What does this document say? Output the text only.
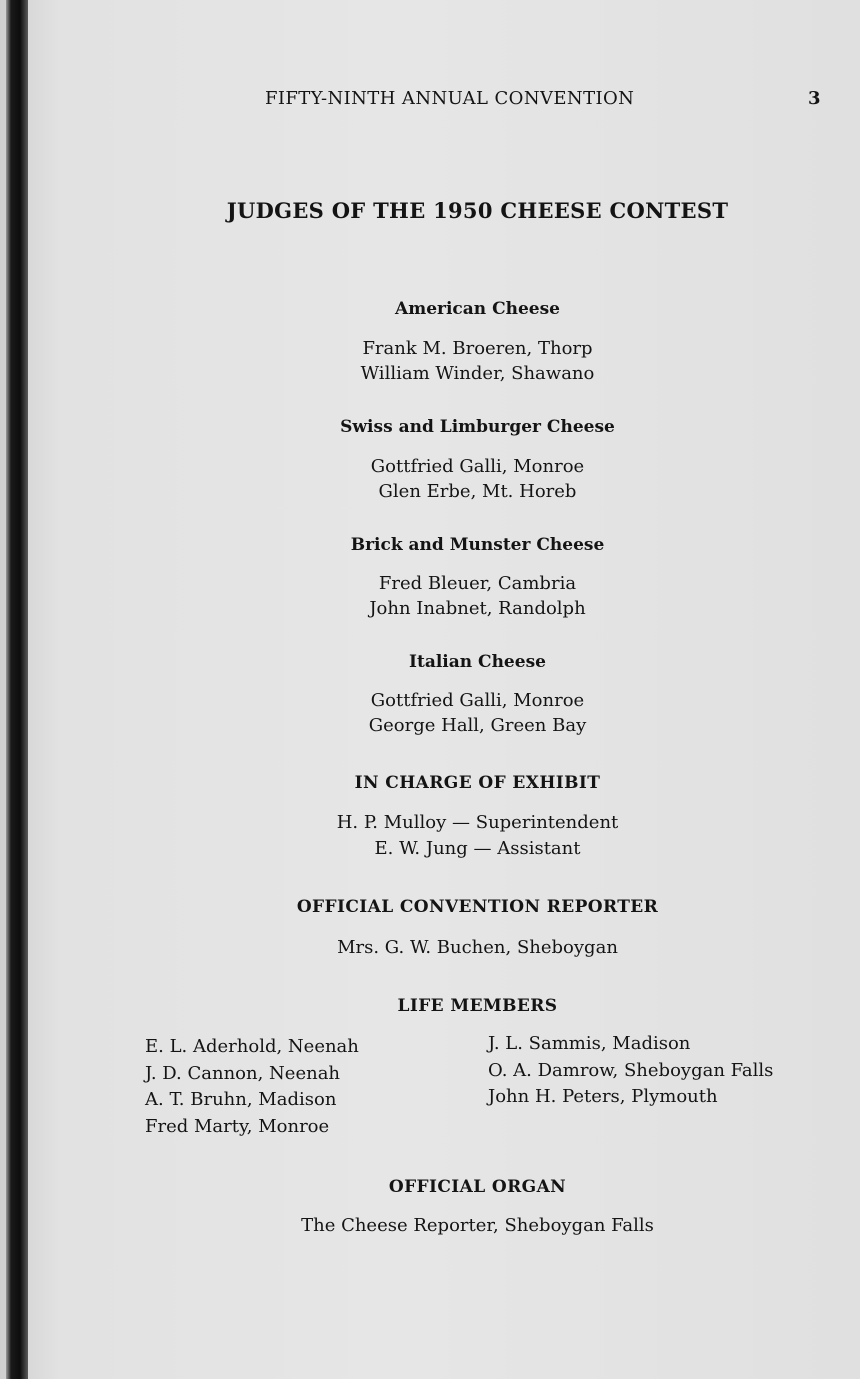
FIFTY-NINTH ANNUAL CONVENTION	3
JUDGES OF THE 1950 CHEESE CONTEST
American Cheese
Frank M. Broeren, Thorp
William Winder, Shawano
Swiss and Limburger Cheese
Gottfried Galli, Monroe
Glen Erbe, Mt. Horeb
Brick and Munster Cheese
Fred Bleuer, Cambria
John Inabnet, Randolph
Italian Cheese
Gottfried Galli, Monroe
George Hall, Green Bay
IN CHARGE OF EXHIBIT
H. P. Mulloy — Superintendent
E. W. Jung — Assistant
OFFICIAL CONVENTION REPORTER
Mrs. G. W. Buchen, Sheboygan
LIFE MEMBERS
E. L. Aderhold, Neenah
J. D. Cannon, Neenah
A. T. Bruhn, Madison
Fred Marty, Monroe
J. L. Sammis, Madison
O. A. Damrow, Sheboygan Falls
John H. Peters, Plymouth
OFFICIAL ORGAN
The Cheese Reporter, Sheboygan Falls
